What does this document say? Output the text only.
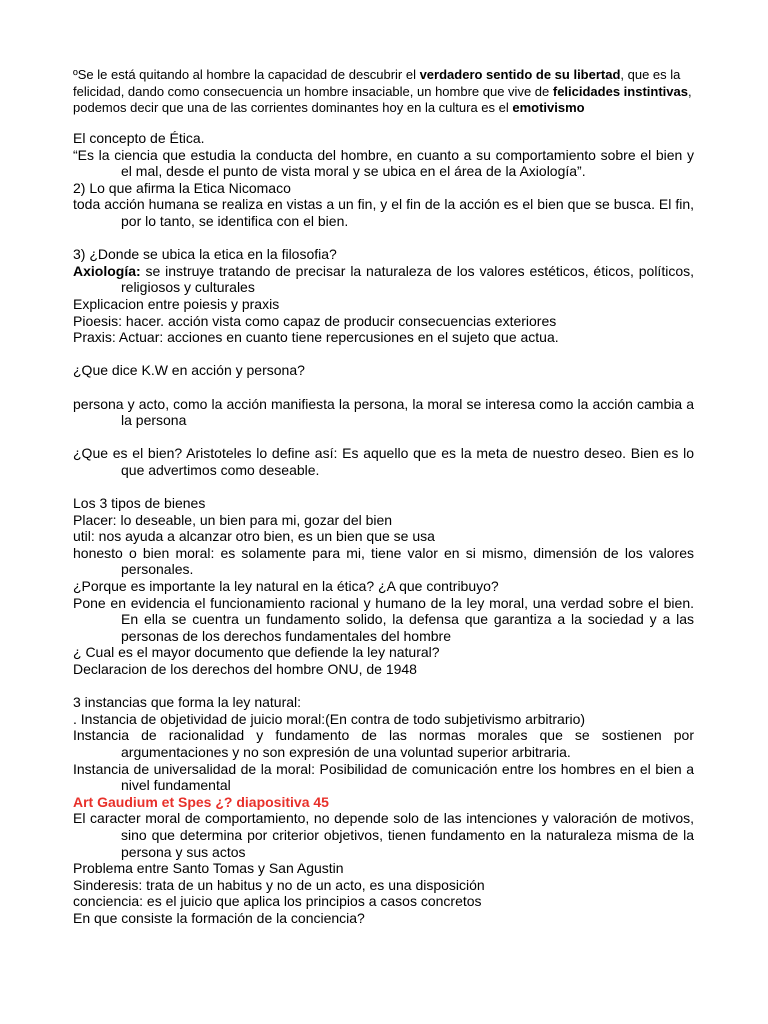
ºSe le está quitando al hombre la capacidad de descubrir el verdadero sentido de su libertad, que es la felicidad, dando como consecuencia un hombre insaciable, un hombre que vive de felicidades instintivas, podemos decir que una de las corrientes dominantes hoy en la cultura es el emotivismo

El concepto de Ética.

“Es la ciencia que estudia la conducta del hombre, en cuanto a su comportamiento sobre el bien y el mal, desde el punto de vista moral y se ubica en el área de la Axiología”.

2) Lo que afirma la Etica Nicomaco

toda acción humana se realiza en vistas a un fin, y el fin de la acción es el bien que se busca. El fin, por lo tanto, se identifica con el bien.

3) ¿Donde se ubica la etica en la filosofia?

Axiología: se instruye tratando de precisar la naturaleza de los valores estéticos, éticos, políticos, religiosos y culturales

Explicacion entre poiesis y praxis

Pioesis: hacer. acción vista como capaz de producir consecuencias exteriores

Praxis: Actuar: acciones en cuanto tiene repercusiones en el sujeto que actua.

¿Que dice K.W en acción y persona?

persona y acto, como la acción manifiesta la persona, la moral se interesa como la acción cambia a la persona

¿Que es el bien? Aristoteles lo define así: Es aquello que es la meta de nuestro deseo. Bien es lo que advertimos como deseable.

Los 3 tipos de bienes

Placer: lo deseable, un bien para mi, gozar del bien

util: nos ayuda a alcanzar otro bien, es un bien que se usa

honesto o bien moral: es solamente para mi, tiene valor en si mismo, dimensión de los valores personales.

¿Porque es importante la ley natural en la ética? ¿A que contribuyo?

Pone en evidencia el funcionamiento racional y humano de la ley moral, una verdad sobre el bien. En ella se cuentra un fundamento solido, la defensa que garantiza a la sociedad y a las personas de los derechos fundamentales del hombre

¿ Cual es el mayor documento que defiende la ley natural?

Declaracion de los derechos del hombre ONU, de 1948

3 instancias que forma la ley natural:

. Instancia de objetividad de juicio moral:(En contra de todo subjetivismo arbitrario)

Instancia de racionalidad y fundamento de las normas morales que se sostienen por argumentaciones y no son expresión de una voluntad superior arbitraria.

Instancia de universalidad de la moral: Posibilidad de comunicación entre los hombres en el bien a nivel fundamental

Art Gaudium et Spes ¿? diapositiva 45

El caracter moral de comportamiento, no depende solo de las intenciones y valoración de motivos, sino que determina por criterior objetivos, tienen fundamento en la naturaleza misma de la persona y sus actos

Problema entre Santo Tomas y San Agustin

Sinderesis: trata de un habitus y no de un acto, es una disposición

conciencia: es el juicio que aplica los principios a casos concretos

En que consiste la formación de la conciencia?
